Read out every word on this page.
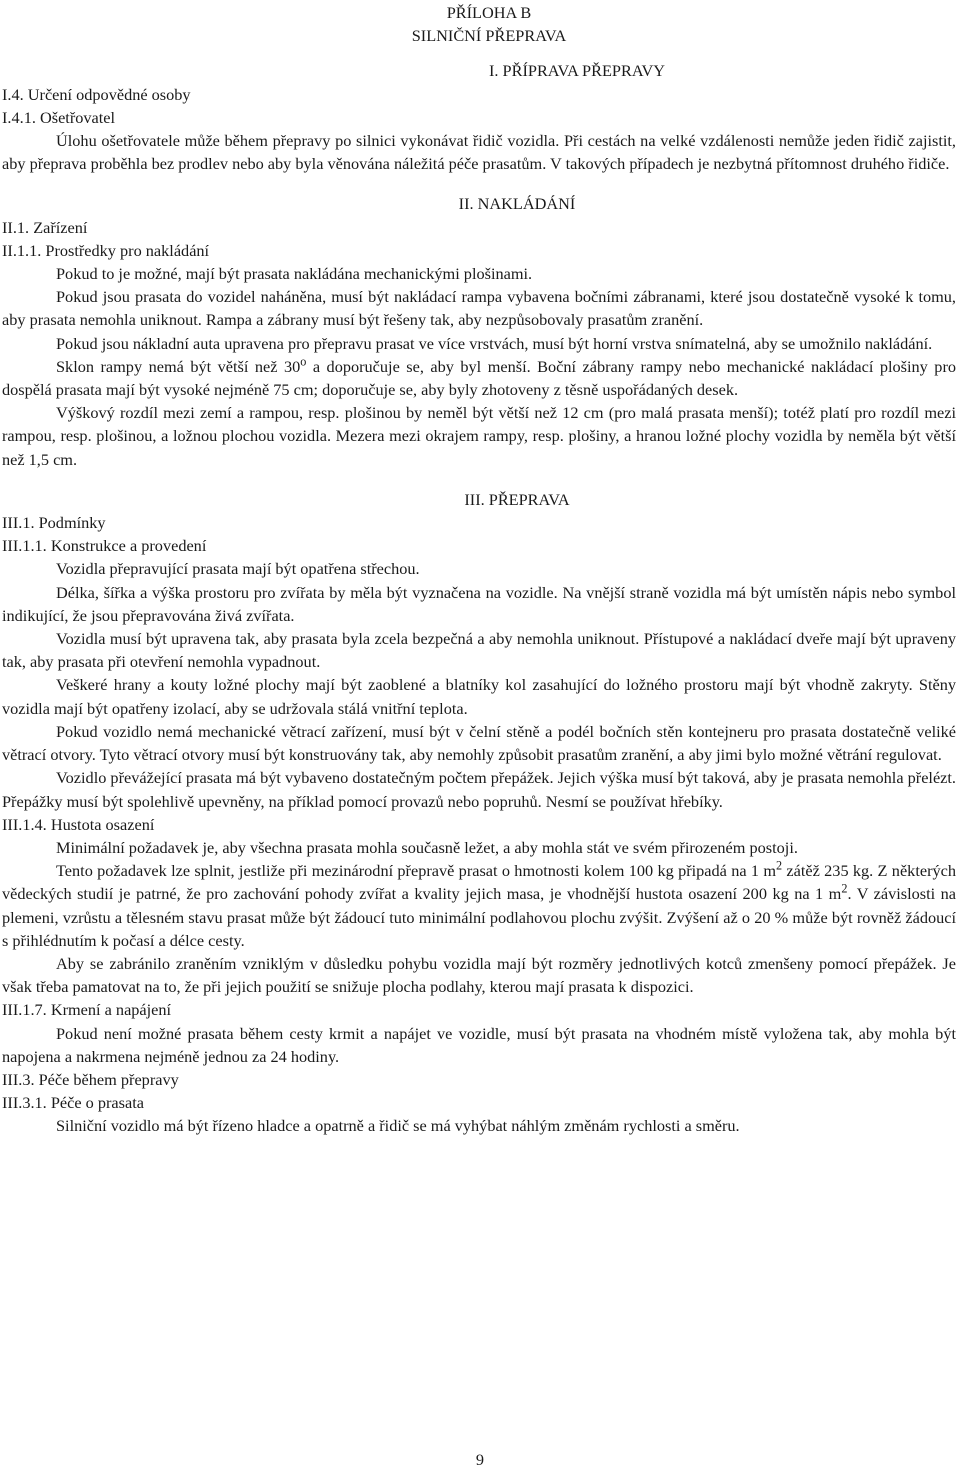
PŘÍLOHA B
SILNIČNÍ PŘEPRAVA
I. PŘÍPRAVA PŘEPRAVY
I.4. Určení odpovědné osoby
I.4.1. Ošetřovatel

Úlohu ošetřovatele může během přepravy po silnici vykonávat řidič vozidla. Při cestách na velké vzdálenosti nemůže jeden řidič zajistit, aby přeprava proběhla bez prodlev nebo aby byla věnována náležitá péče prasatům. V takových případech je nezbytná přítomnost druhého řidiče.

II. NAKLÁDÁNÍ
II.1. Zařízení
II.1.1. Prostředky pro nakládání

Pokud to je možné, mají být prasata nakládána mechanickými plošinami.

Pokud jsou prasata do vozidel naháněna, musí být nakládací rampa vybavena bočními zábranami, které jsou dostatečně vysoké k tomu, aby prasata nemohla uniknout. Rampa a zábrany musí být řešeny tak, aby nezpůsobovaly prasatům zranění.

Pokud jsou nákladní auta upravena pro přepravu prasat ve více vrstvách, musí být horní vrstva snímatelná, aby se umožnilo nakládání.

Sklon rampy nemá být větší než 30$^o$ a doporučuje se, aby byl menší. Boční zábrany rampy nebo mechanické nakládací plošiny pro dospělá prasata mají být vysoké nejméně 75 cm; doporučuje se, aby byly zhotoveny z těsně uspořádaných desek.

Výškový rozdíl mezi zemí a rampou, resp. plošinou by neměl být větší než 12 cm (pro malá prasata menší); totéž platí pro rozdíl mezi rampou, resp. plošinou, a ložnou plochou vozidla. Mezera mezi okrajem rampy, resp. plošiny, a hranou ložné plochy vozidla by neměla být větší než 1,5 cm.

III. PŘEPRAVA
III.1. Podmínky
III.1.1. Konstrukce a provedení

Vozidla přepravující prasata mají být opatřena střechou.

Délka, šířka a výška prostoru pro zvířata by měla být vyznačena na vozidle. Na vnější straně vozidla má být umístěn nápis nebo symbol indikující, že jsou přepravována živá zvířata.

Vozidla musí být upravena tak, aby prasata byla zcela bezpečná a aby nemohla uniknout. Přístupové a nakládací dveře mají být upraveny tak, aby prasata při otevření nemohla vypadnout.

Veškeré hrany a kouty ložné plochy mají být zaoblené a blatníky kol zasahující do ložného prostoru mají být vhodně zakryty. Stěny vozidla mají být opatřeny izolací, aby se udržovala stálá vnitřní teplota.

Pokud vozidlo nemá mechanické větrací zařízení, musí být v čelní stěně a podél bočních stěn kontejneru pro prasata dostatečně veliké větrací otvory. Tyto větrací otvory musí být konstruovány tak, aby nemohly způsobit prasatům zranění, a aby jimi bylo možné větrání regulovat.

Vozidlo převážející prasata má být vybaveno dostatečným počtem přepážek. Jejich výška musí být taková, aby je prasata nemohla přelézt. Přepážky musí být spolehlivě upevněny, na příklad pomocí provazů nebo popruhů. Nesmí se používat hřebíky.

III.1.4. Hustota osazení

Minimální požadavek je, aby všechna prasata mohla současně ležet, a aby mohla stát ve svém přirozeném postoji.

Tento požadavek lze splnit, jestliže při mezinárodní přepravě prasat o hmotnosti kolem 100 kg připadá na 1 $m^2$ zátěž 235 kg. Z některých vědeckých studií je patrné, že pro zachování pohody zvířat a kvality jejich masa, je vhodnější hustota osazení 200 kg na 1 $m^2$. V závislosti na plemeni, vzrůstu a tělesném stavu prasat může být žádoucí tuto minimální podlahovou plochu zvýšit. Zvýšení až o 20 % může být rovněž žádoucí s přihlédnutím k počasí a délce cesty.

Aby se zabránilo zraněním vzniklým v důsledku pohybu vozidla mají být rozměry jednotlivých kotců zmenšeny pomocí přepážek. Je však třeba pamatovat na to, že při jejich použití se snižuje plocha podlahy, kterou mají prasata k dispozici.

III.1.7. Krmení a napájení

Pokud není možné prasata během cesty krmit a napájet ve vozidle, musí být prasata na vhodném místě vyložena tak, aby mohla být napojena a nakrmena nejméně jednou za 24 hodiny.

III.3. Péče během přepravy
III.3.1. Péče o prasata

Silniční vozidlo má být řízeno hladce a opatrně a řidič se má vyhýbat náhlým změnám rychlosti a směru.

9
